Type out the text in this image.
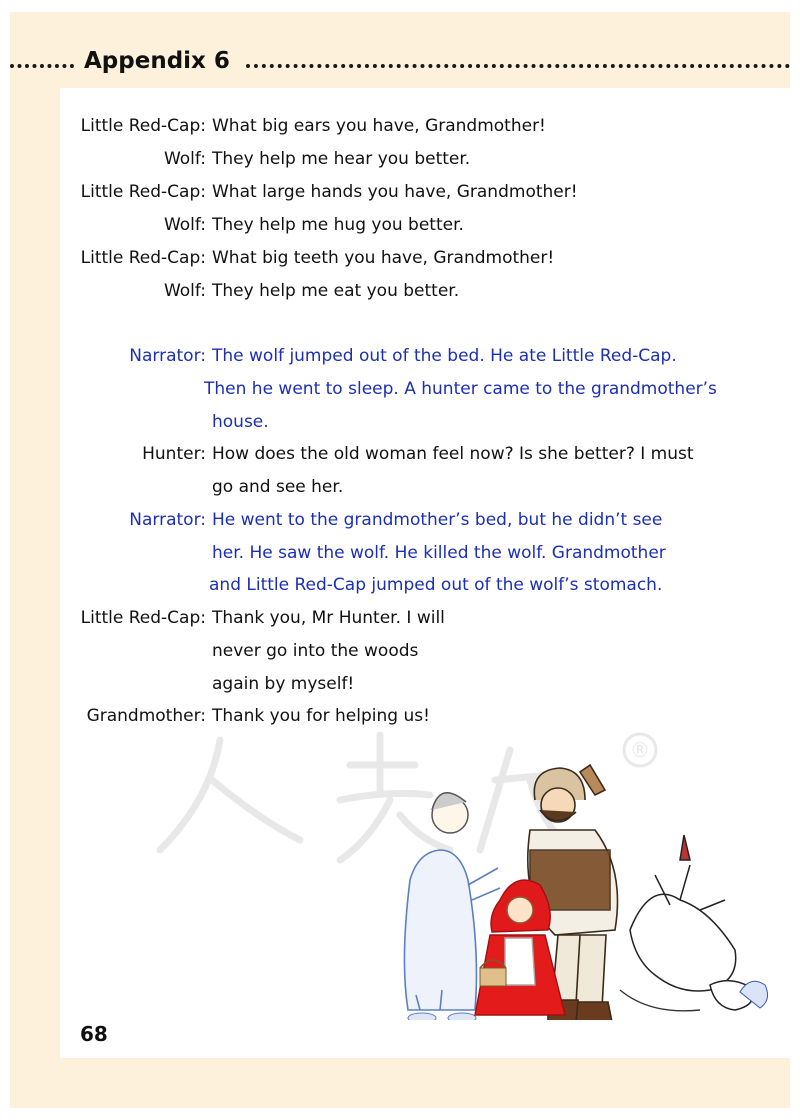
Appendix 6
®
Little Red-Cap: What big ears you have, Grandmother!
Wolf: They help me hear you better.
Little Red-Cap: What large hands you have, Grandmother!
Wolf: They help me hug you better.
Little Red-Cap: What big teeth you have, Grandmother!
Wolf: They help me eat you better.
Narrator: The wolf jumped out of the bed. He ate Little Red-Cap.
Then he went to sleep. A hunter came to the grandmother’s
house.
Hunter: How does the old woman feel now? Is she better? I must
go and see her.
Narrator: He went to the grandmother’s bed, but he didn’t see
her. He saw the wolf. He killed the wolf. Grandmother
and Little Red-Cap jumped out of the wolf’s stomach.
Little Red-Cap: Thank you, Mr Hunter. I will
never go into the woods
again by myself!
Grandmother: Thank you for helping us!
68
